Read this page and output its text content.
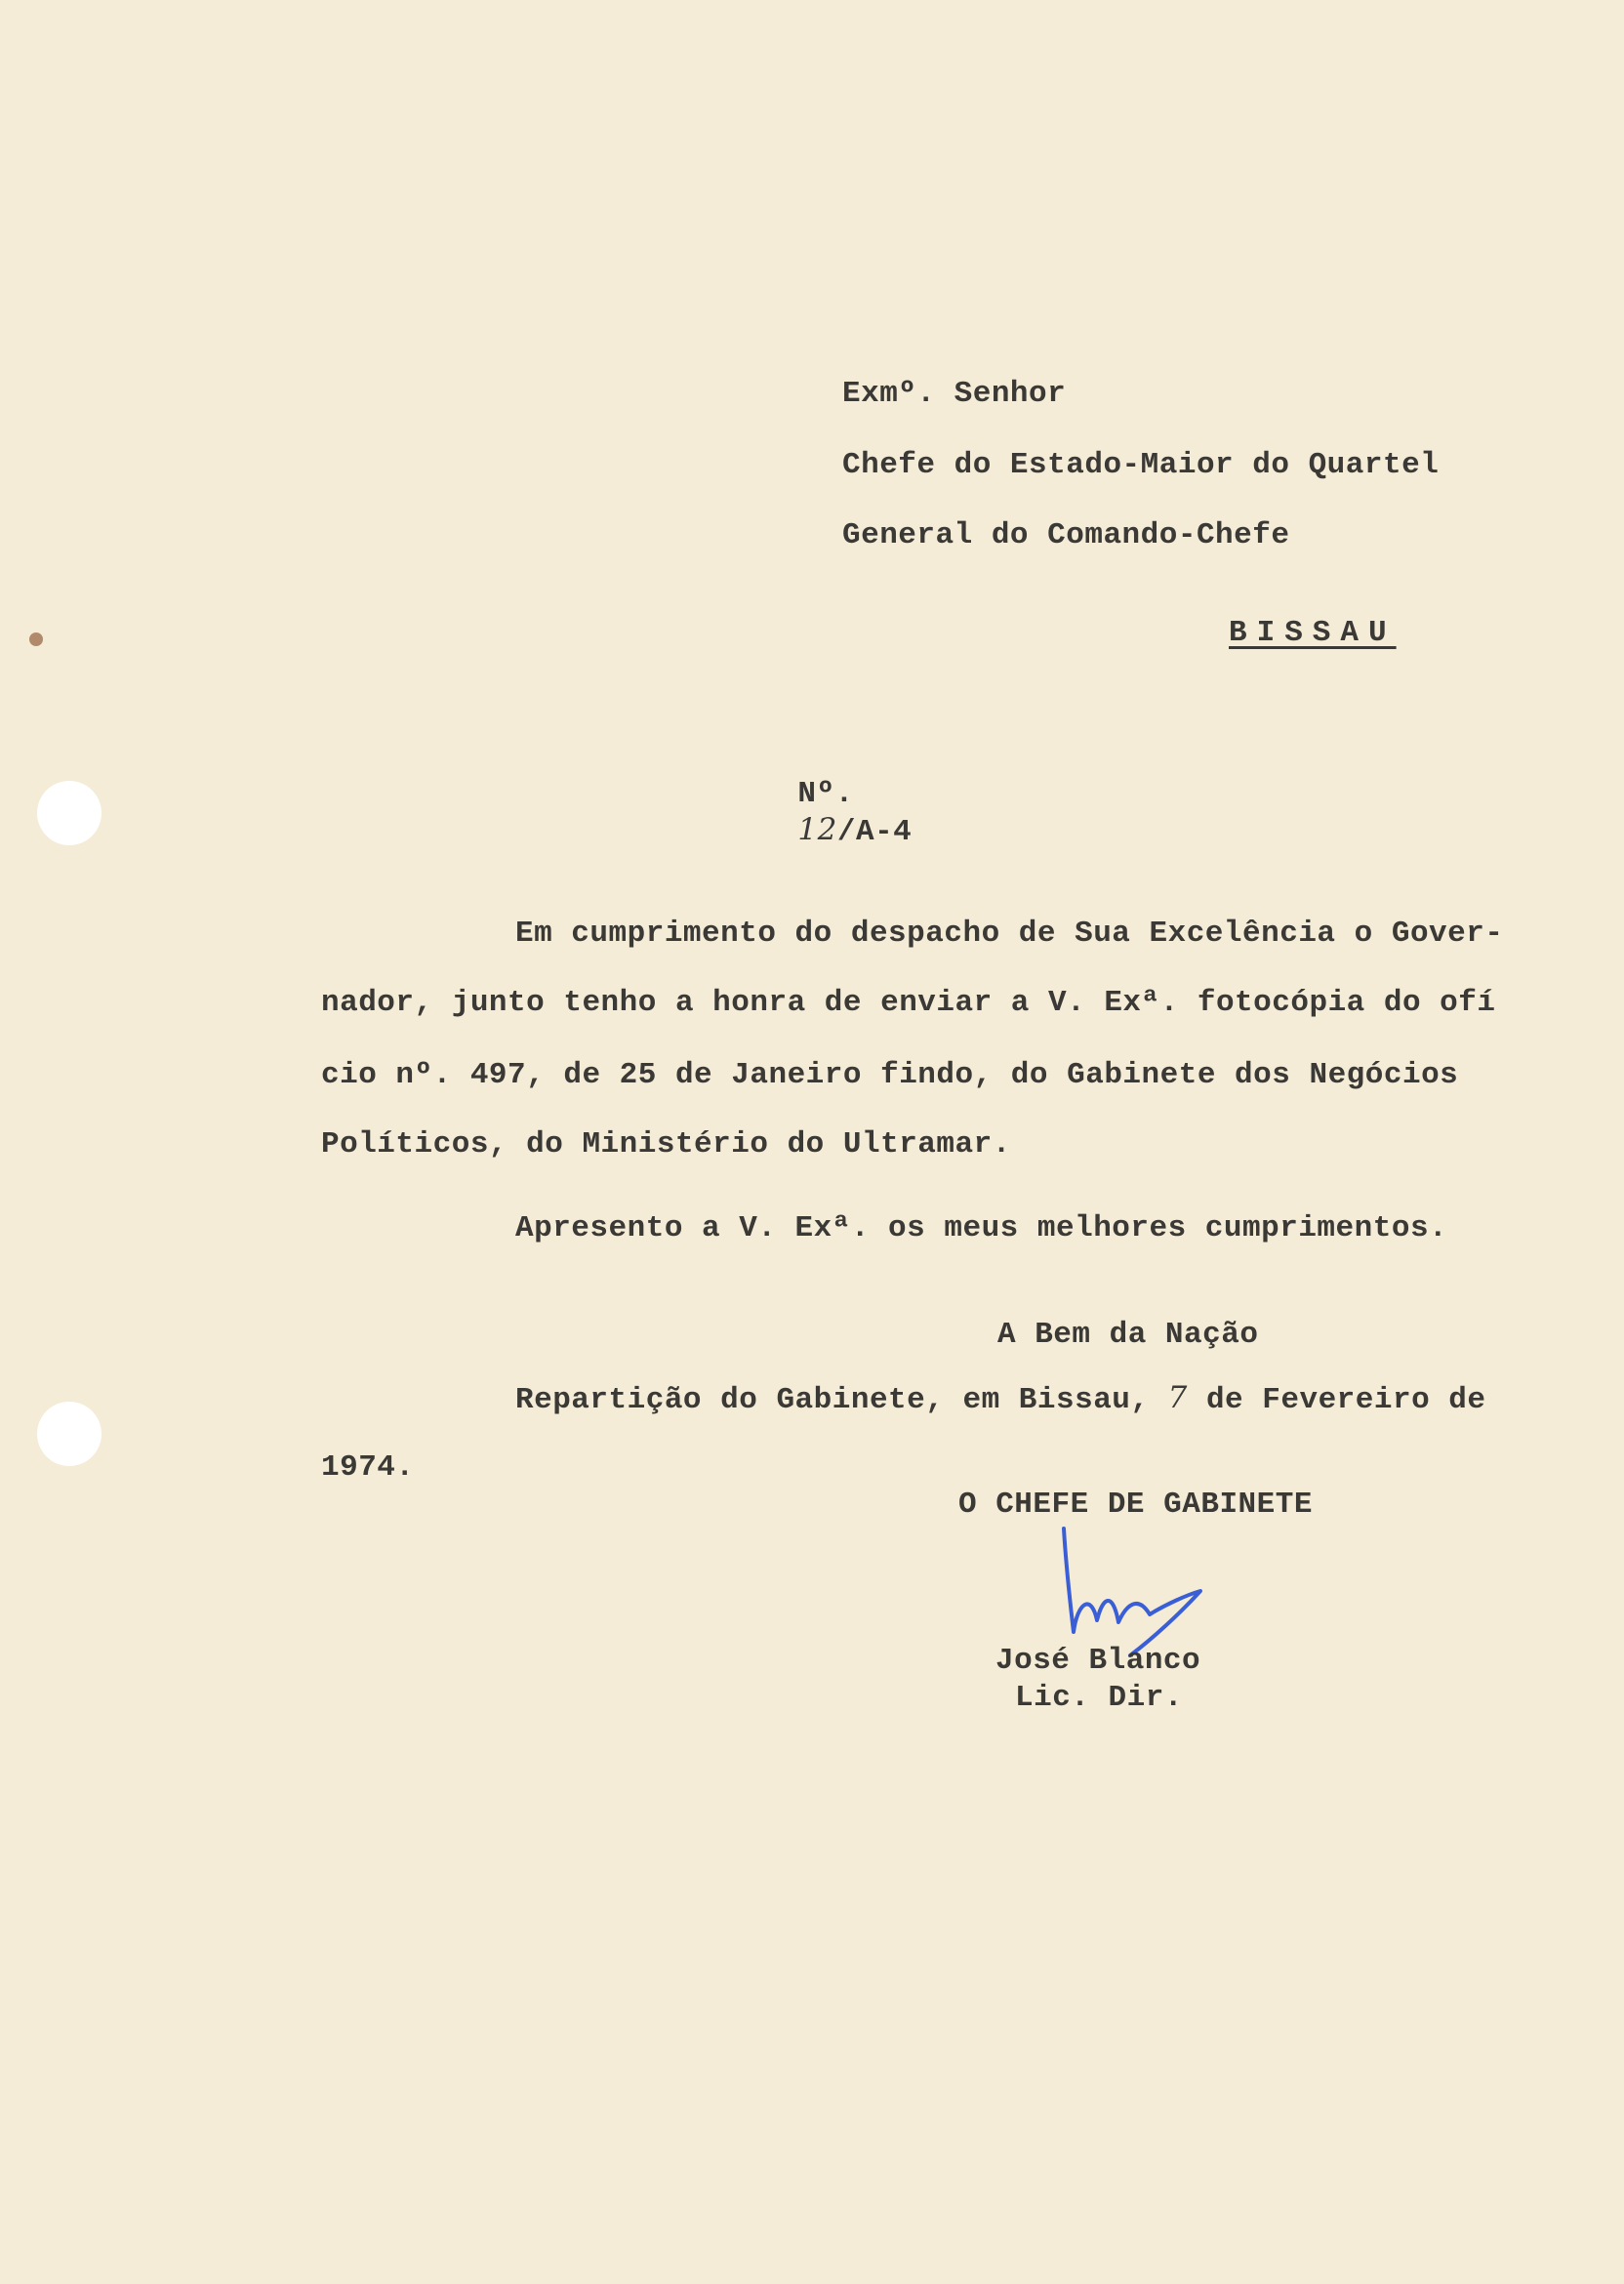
Exmº. Senhor
Chefe do Estado-Maior do Quartel
General do Comando-Chefe
BISSAU

Nº.
12/A-4

Em cumprimento do despacho de Sua Excelência o Gover-
nador, junto tenho a honra de enviar a V. Exª. fotocópia do ofí
cio nº. 497, de 25 de Janeiro findo, do Gabinete dos Negócios
Políticos, do Ministério do Ultramar.
Apresento a V. Exª. os meus melhores cumprimentos.
A Bem da Nação
Repartição do Gabinete, em Bissau, 7 de Fevereiro de
1974.
O CHEFE DE GABINETE
José Blanco
Lic. Dir.
